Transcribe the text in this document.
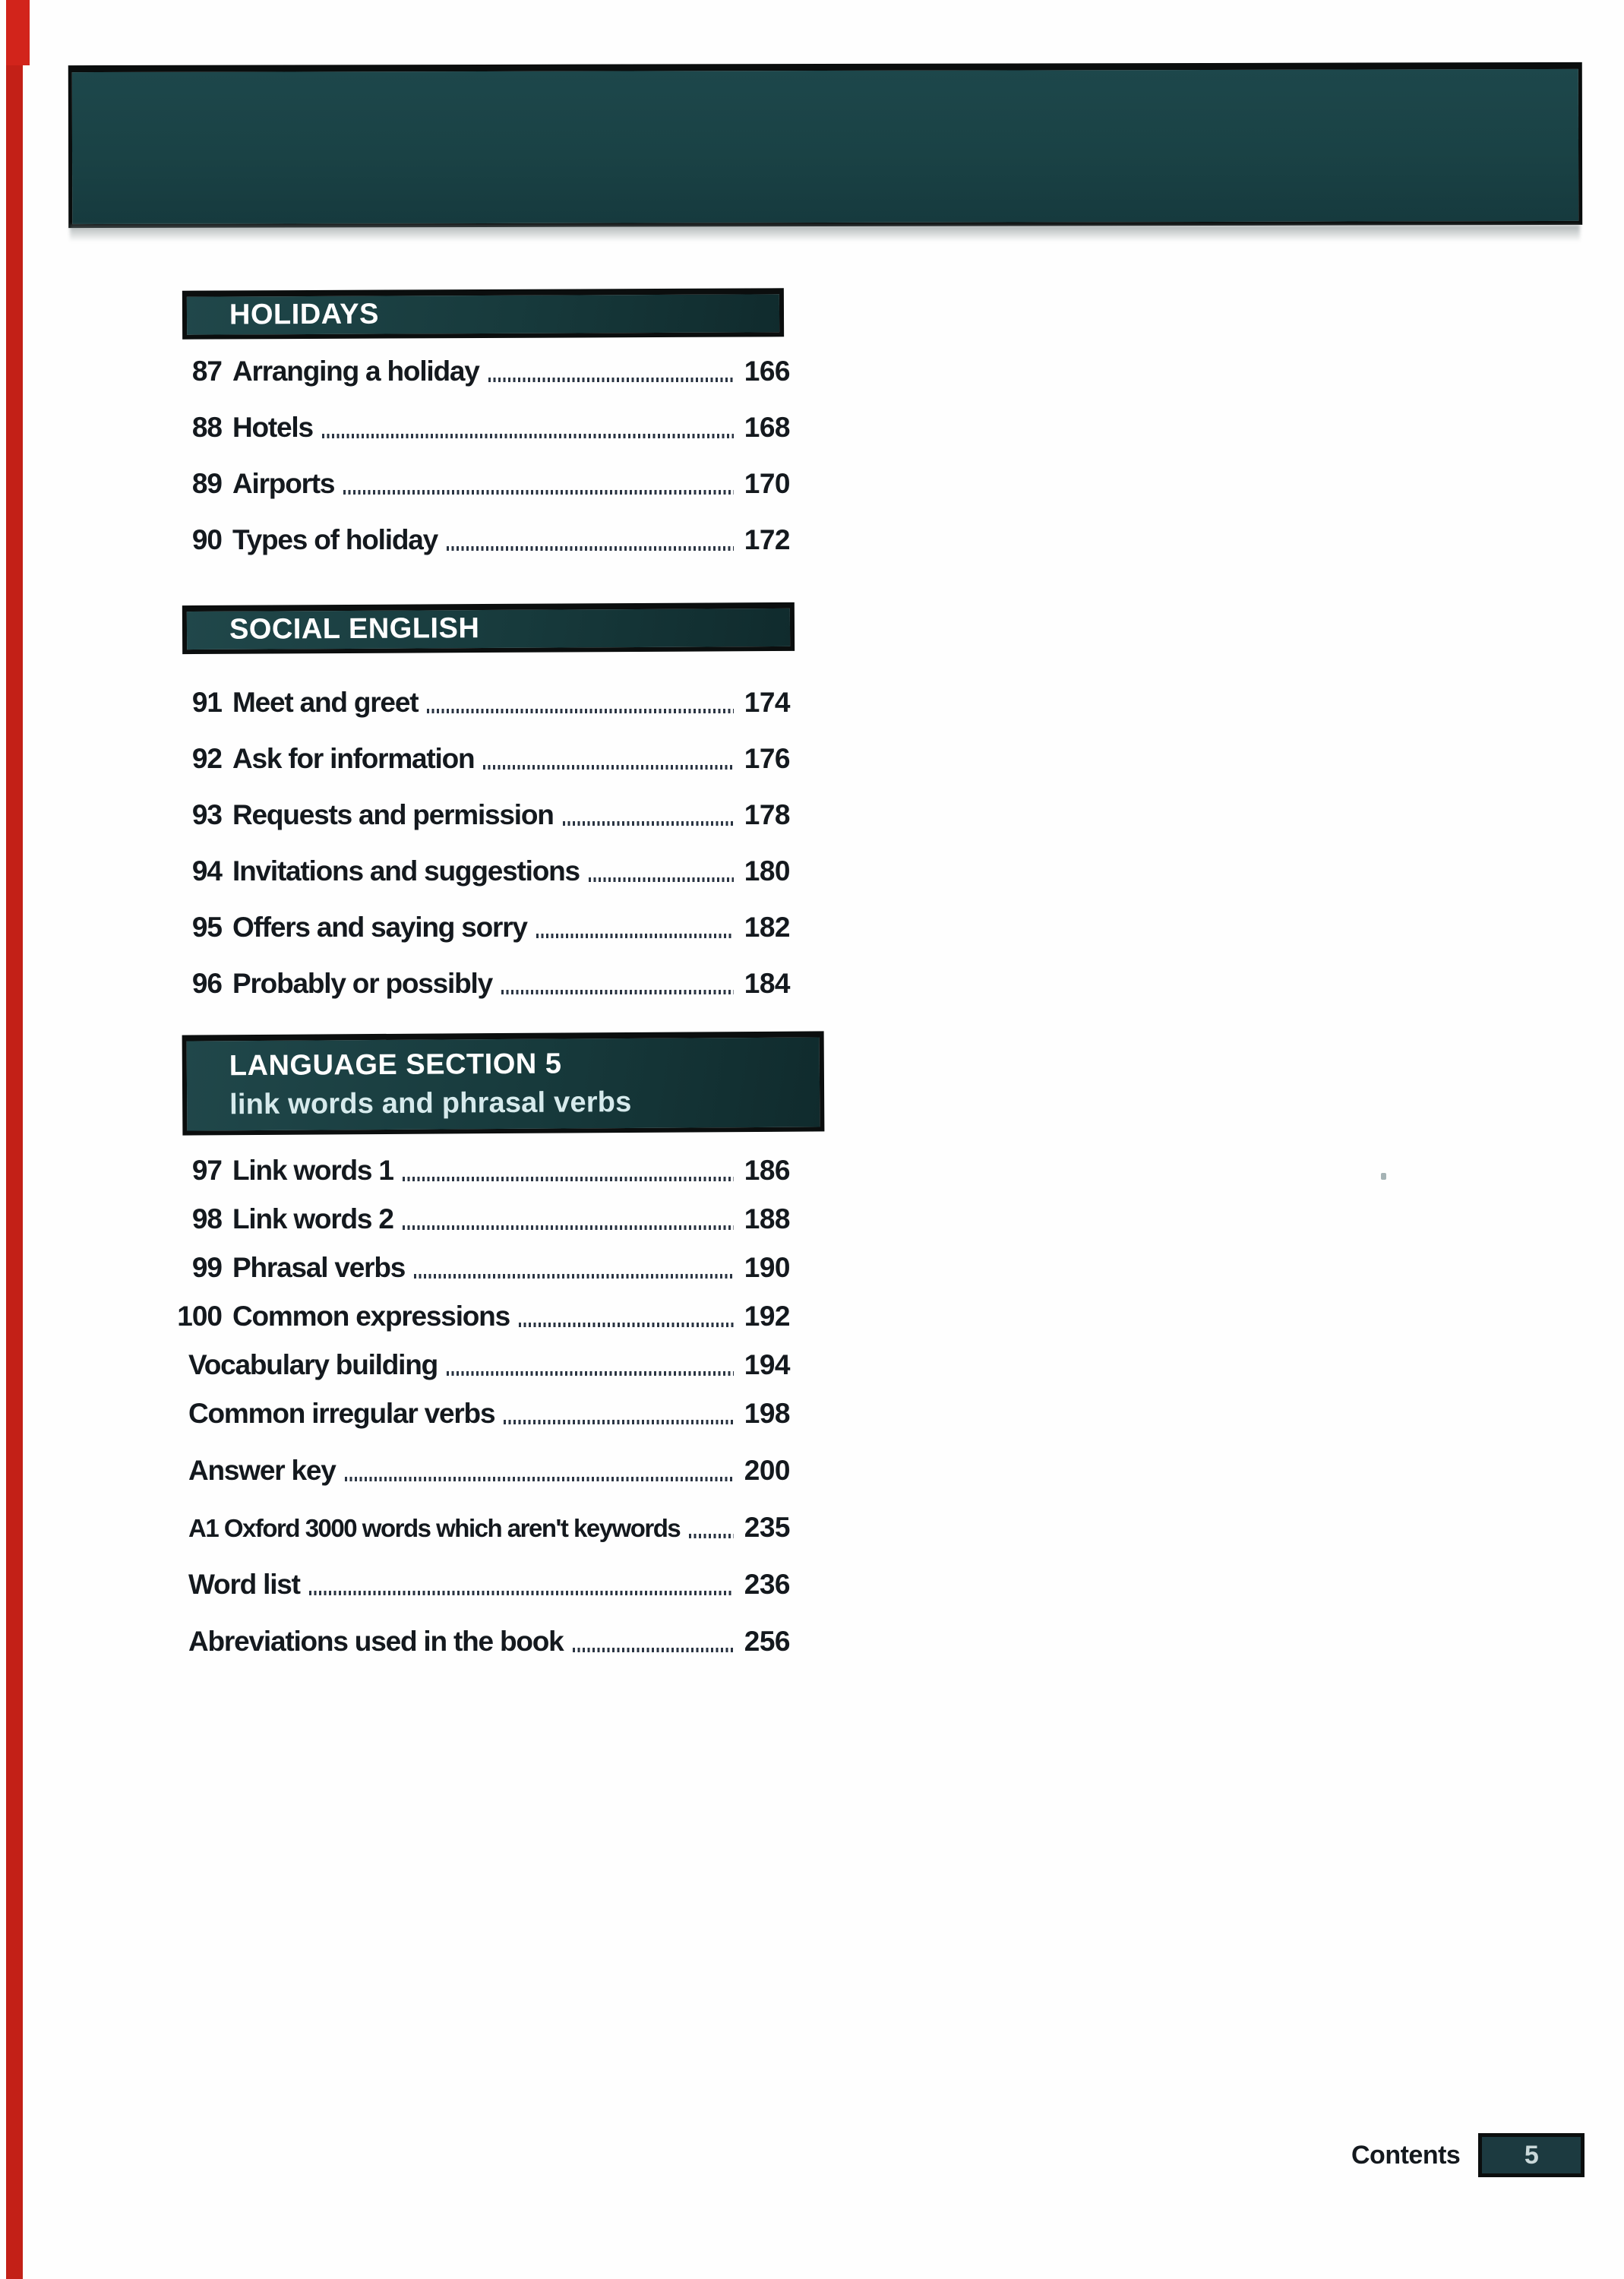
HOLIDAYS
87 Arranging a holiday	166
88 Hotels	168
89 Airports	170
90 Types of holiday	172
SOCIAL ENGLISH
91 Meet and greet	174
92 Ask for information	176
93 Requests and permission	178
94 Invitations and suggestions	180
95 Offers and saying sorry	182
96 Probably or possibly	184
LANGUAGE SECTION 5
link words and phrasal verbs
97 Link words 1	186
98 Link words 2	188
99 Phrasal verbs	190
100 Common expressions	192
Vocabulary building	194
Common irregular verbs	198
Answer key	200
A1 Oxford 3000 words which aren't keywords 235
Word list	236
Abreviations used in the book	256
Contents	5
